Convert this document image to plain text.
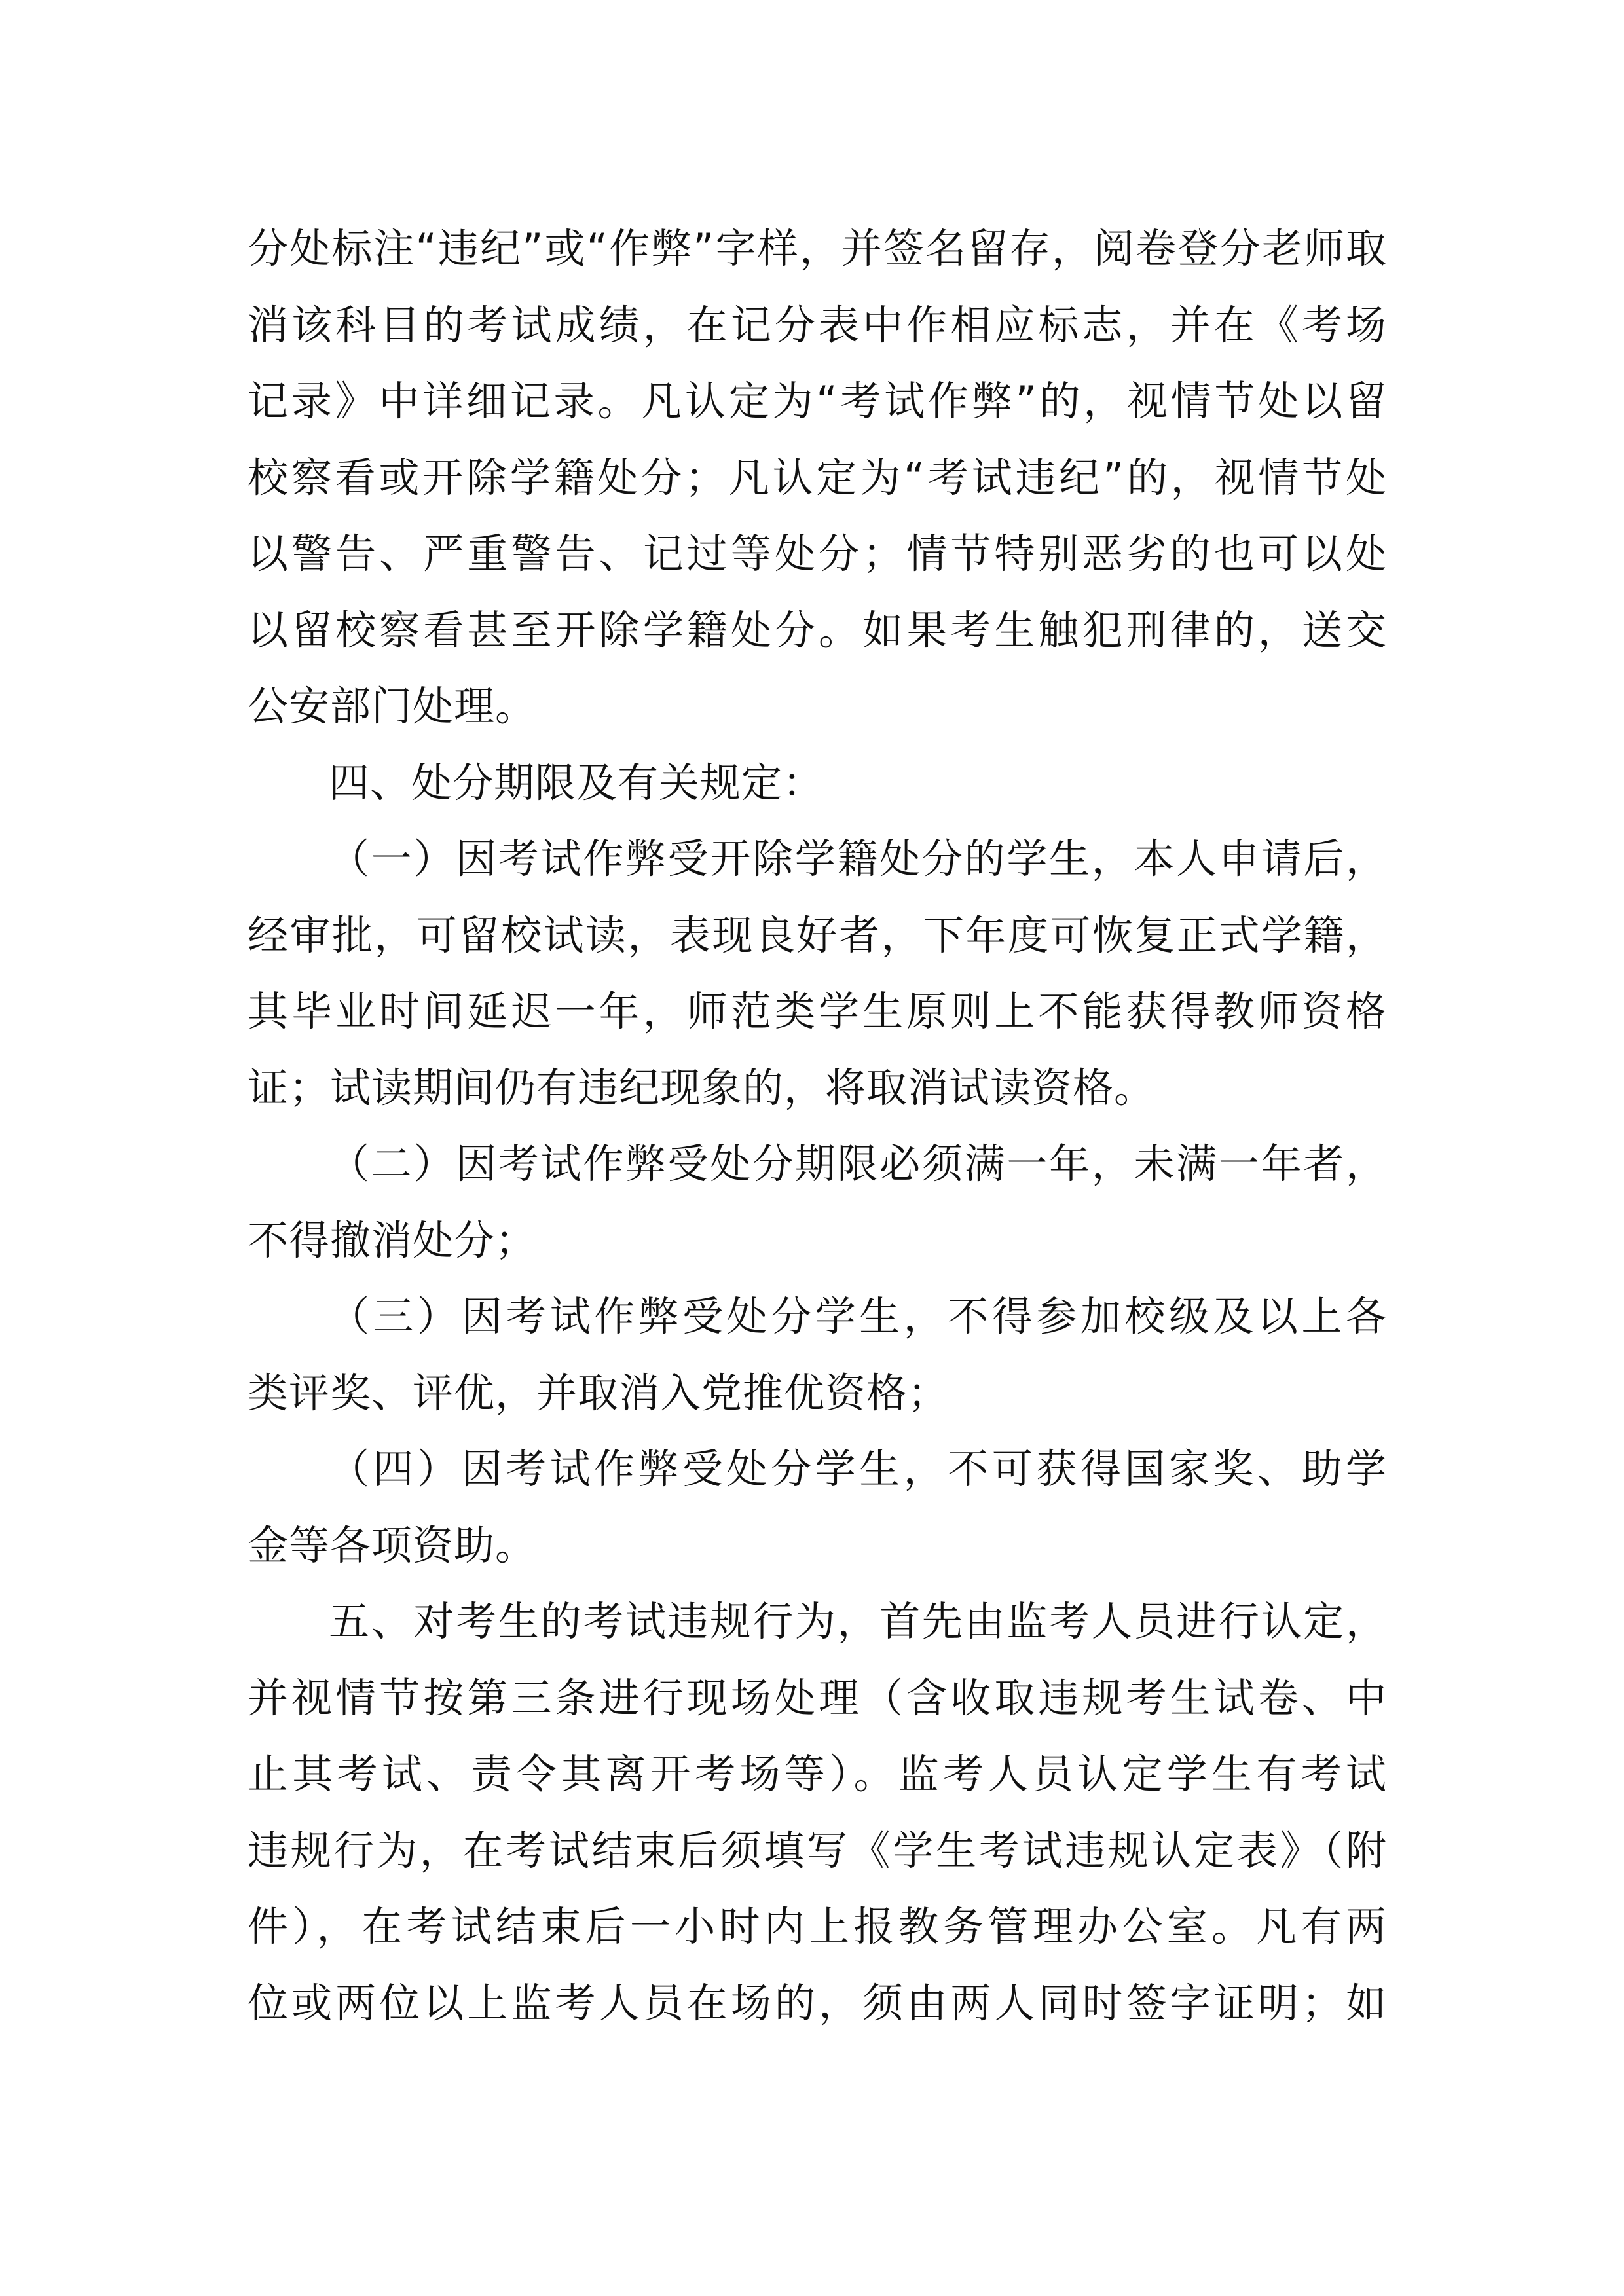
分处标注“违纪”或“作弊”字样，并签名留存，阅卷登分老师取
消该科目的考试成绩，在记分表中作相应标志，并在《考场
记录》中详细记录。凡认定为“考试作弊”的，视情节处以留
校察看或开除学籍处分；凡认定为“考试违纪”的，视情节处
以警告、严重警告、记过等处分；情节特别恶劣的也可以处
以留校察看甚至开除学籍处分。如果考生触犯刑律的，送交
公安部门处理。
四、处分期限及有关规定：
（一）因考试作弊受开除学籍处分的学生，本人申请后，
经审批，可留校试读，表现良好者，下年度可恢复正式学籍，
其毕业时间延迟一年，师范类学生原则上不能获得教师资格
证；试读期间仍有违纪现象的，将取消试读资格。
（二）因考试作弊受处分期限必须满一年，未满一年者，
不得撤消处分；
（三）因考试作弊受处分学生，不得参加校级及以上各
类评奖、评优，并取消入党推优资格；
（四）因考试作弊受处分学生，不可获得国家奖、助学
金等各项资助。
五、对考生的考试违规行为，首先由监考人员进行认定，
并视情节按第三条进行现场处理（含收取违规考生试卷、中
止其考试、责令其离开考场等）。监考人员认定学生有考试
违规行为，在考试结束后须填写《学生考试违规认定表》（附
件），在考试结束后一小时内上报教务管理办公室。凡有两
位或两位以上监考人员在场的，须由两人同时签字证明；如
